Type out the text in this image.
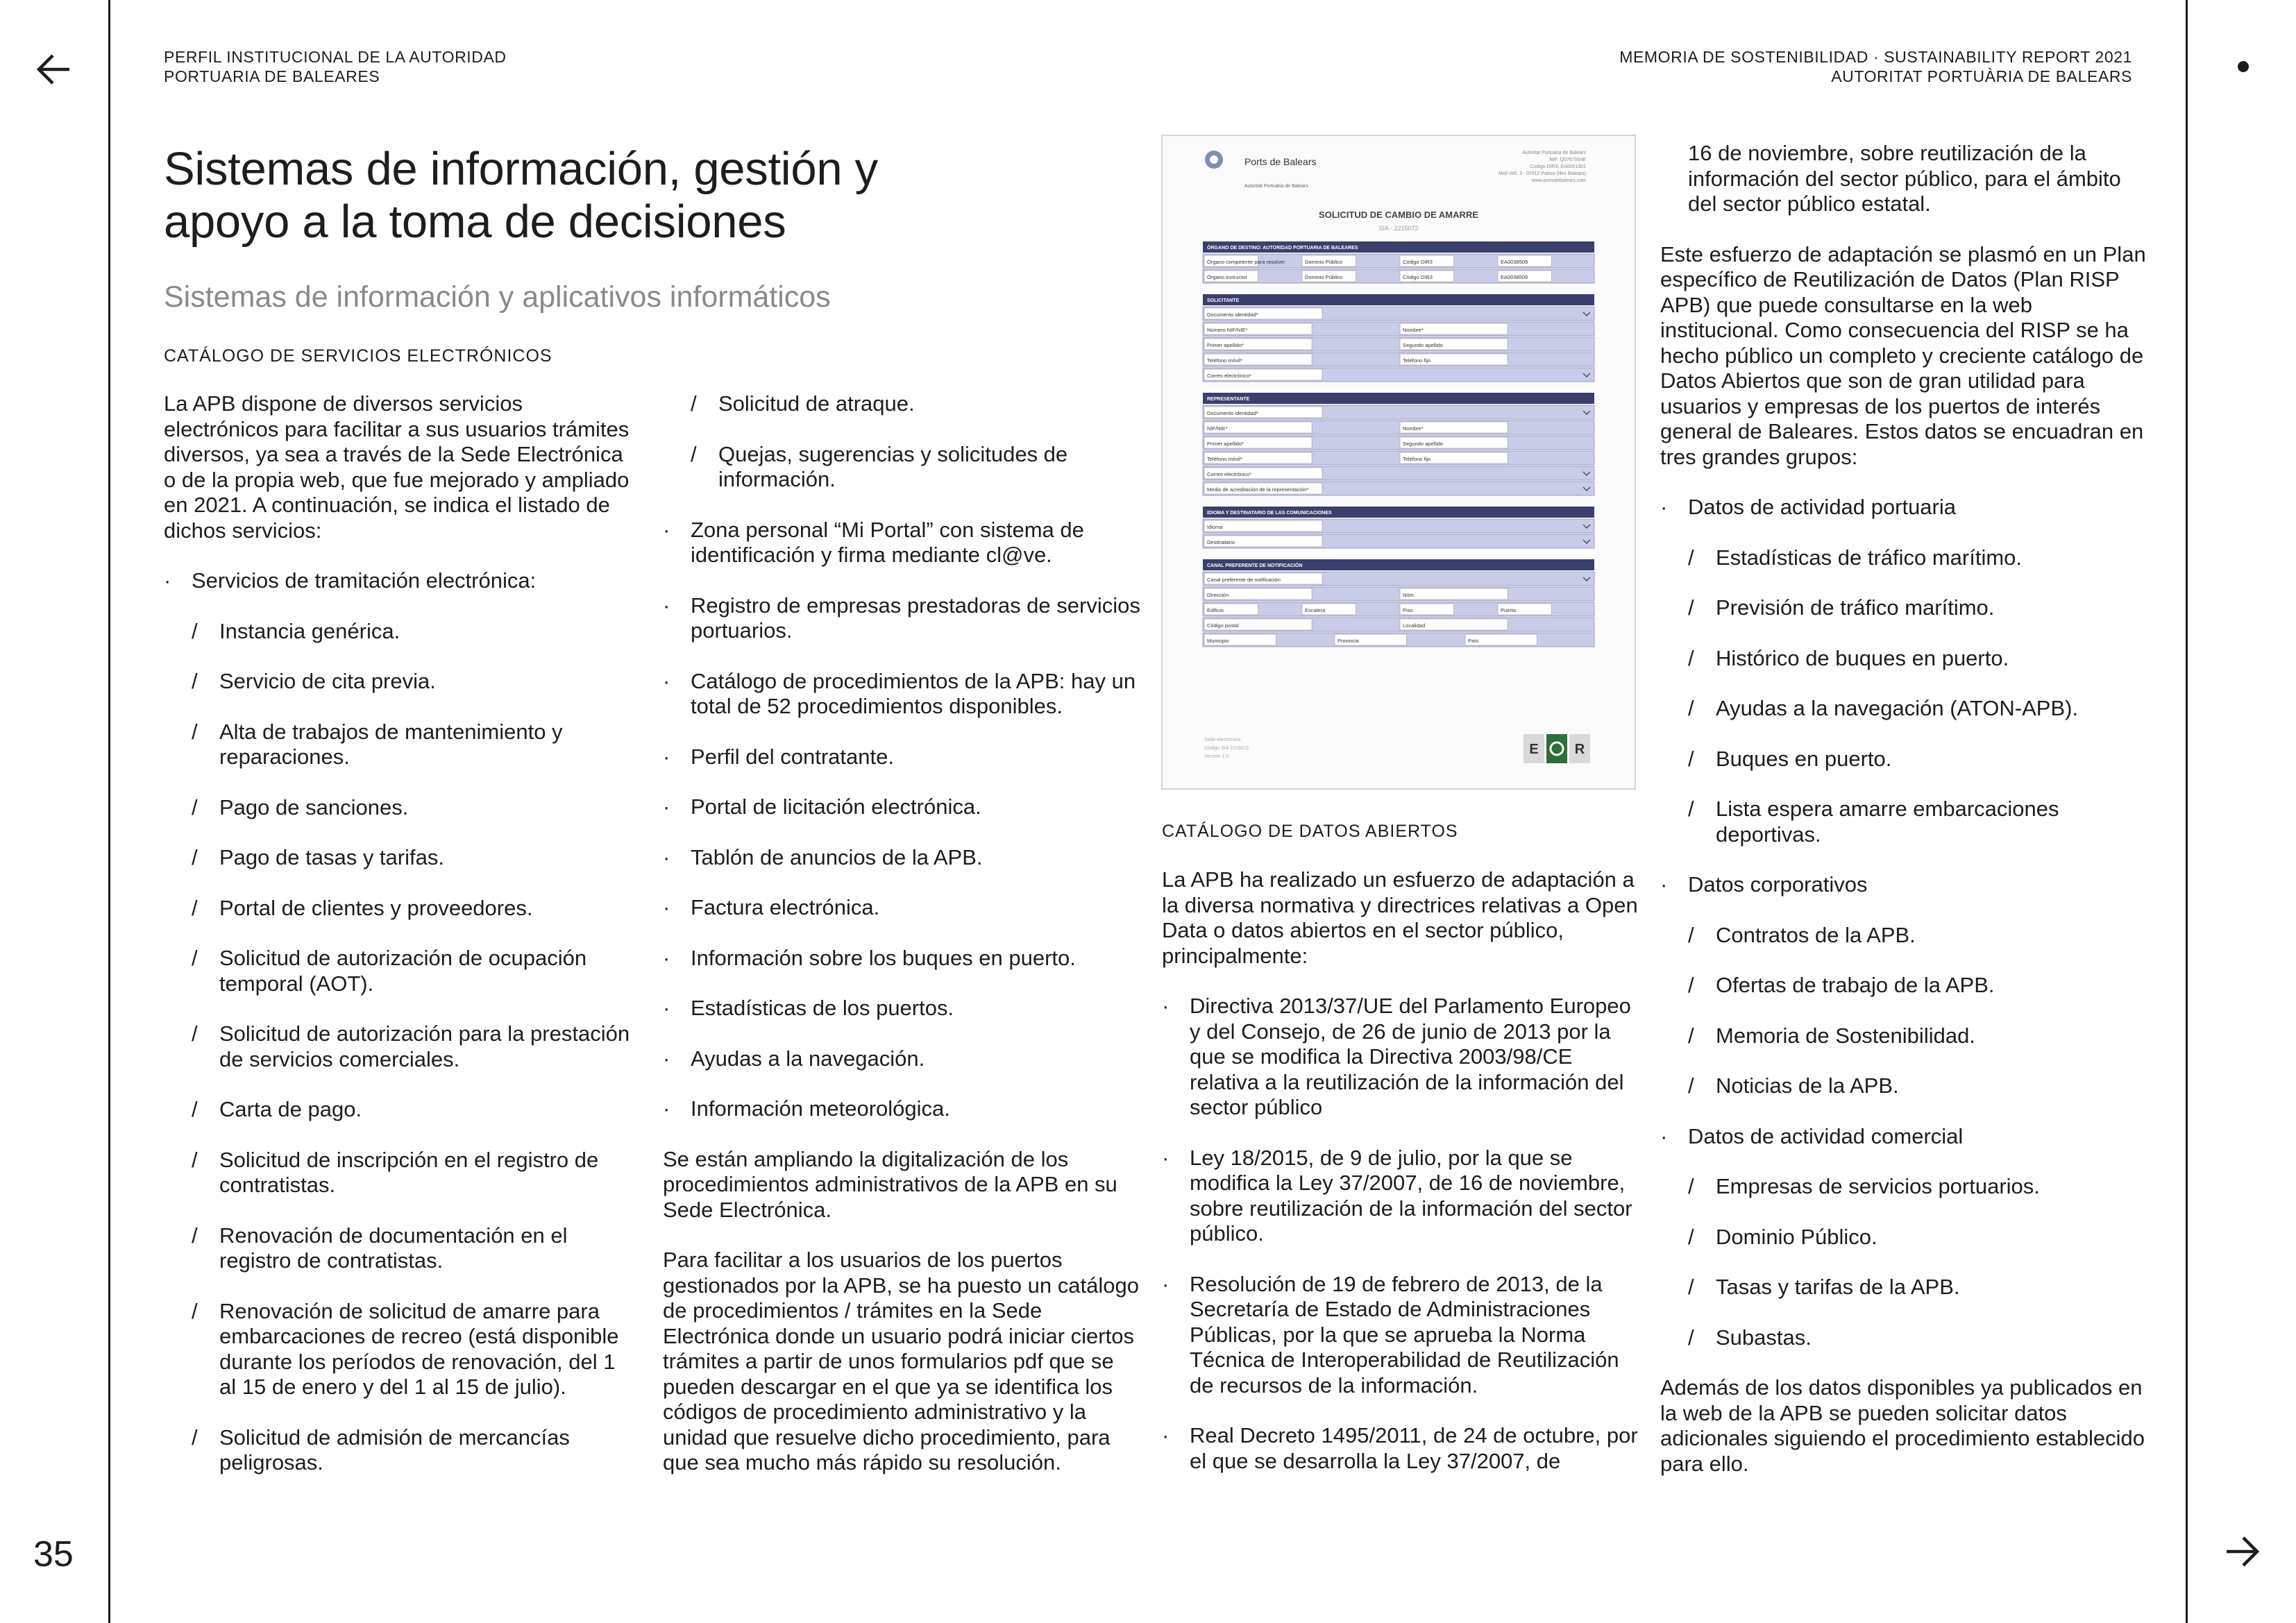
35
PERFIL INSTITUCIONAL DE LA AUTORIDAD
PORTUARIA DE BALEARES
MEMORIA DE SOSTENIBILIDAD · SUSTAINABILITY REPORT 2021
AUTORITAT PORTUÀRIA DE BALEARS
Sistemas de información, gestión y apoyo a la toma de decisiones
Sistemas de información y aplicativos informáticos
CATÁLOGO DE SERVICIOS ELECTRÓNICOS

La APB dispone de diversos servicios electrónicos para facilitar a sus usuarios trámites diversos, ya sea a través de la Sede Electrónica o de la propia web, que fue mejorado y ampliado en 2021. A continuación, se indica el listado de dichos servicios:

· Servicios de tramitación electrónica:
/ Instancia genérica.
/ Servicio de cita previa.
/ Alta de trabajos de mantenimiento y reparaciones.
/ Pago de sanciones.
/ Pago de tasas y tarifas.
/ Portal de clientes y proveedores.
/ Solicitud de autorización de ocupación temporal (AOT).
/ Solicitud de autorización para la prestación de servicios comerciales.
/ Carta de pago.
/ Solicitud de inscripción en el registro de contratistas.
/ Renovación de documentación en el registro de contratistas.
/ Renovación de solicitud de amarre para embarcaciones de recreo (está disponible durante los períodos de renovación, del 1 al 15 de enero y del 1 al 15 de julio).
/ Solicitud de admisión de mercancías peligrosas.
/ Solicitud de atraque.
/ Quejas, sugerencias y solicitudes de información.
· Zona personal “Mi Portal” con sistema de identificación y firma mediante cl@ve.
· Registro de empresas prestadoras de servicios portuarios.
· Catálogo de procedimientos de la APB: hay un total de 52 procedimientos disponibles.
· Perfil del contratante.
· Portal de licitación electrónica.
· Tablón de anuncios de la APB.
· Factura electrónica.
· Información sobre los buques en puerto.
· Estadísticas de los puertos.
· Ayudas a la navegación.
· Información meteorológica.

Se están ampliando la digitalización de los procedimientos administrativos de la APB en su Sede Electrónica.

Para facilitar a los usuarios de los puertos gestionados por la APB, se ha puesto un catálogo de procedimientos / trámites en la Sede Electrónica donde un usuario podrá iniciar ciertos trámites a partir de unos formularios pdf que se pueden descargar en el que ya se identifica los códigos de procedimiento administrativo y la unidad que resuelve dicho procedimiento, para que sea mucho más rápido su resolución.

Ports de Balears
Autoritat Portuària de Balears
Autoritat Portuària de Balears
NIF: Q0767004E
Codigo DIR3: EA0001301
Moll Vell, 3 · 07012 Palma (Illes Balears)
www.portsdebalears.com
SOLICITUD DE CAMBIO DE AMARRE
SIA - 2215072
ÓRGANO DE DESTINO: AUTORIDAD PORTUARIA DE BALEARES
Órgano competente para resolver	Dominio Público	Código DIR3	EA0038509
Órgano instructor	Dominio Público	Código DIR3	EA0038509
SOLICITANTE
Documento identidad*
Número NIF/NIE*	Nombre*
Primer apellido*	Segundo apellido
Teléfono móvil*	Teléfono fijo
Correo electrónico*
REPRESENTANTE
Documento identidad*
NIF/NIE*	Nombre*
Primer apellido*	Segundo apellido
Teléfono móvil*	Teléfono fijo
Correo electrónico*
Medio de acreditación de la representación*
IDIOMA Y DESTINATARIO DE LAS COMUNICACIONES
Idioma
Destinatario
CANAL PREFERENTE DE NOTIFICACIÓN
Canal preferente de notificación
Dirección	Núm.
Edificio	Escalera	Piso	Puerta
Código postal	Localidad
Municipio	Provincia	País
Sede electrónica
Código SIA 2215072
Versión 1.0	E	R
CATÁLOGO DE DATOS ABIERTOS

La APB ha realizado un esfuerzo de adaptación a la diversa normativa y directrices relativas a Open Data o datos abiertos en el sector público, principalmente:

· Directiva 2013/37/UE del Parlamento Europeo y del Consejo, de 26 de junio de 2013 por la que se modifica la Directiva 2003/98/CE relativa a la reutilización de la información del sector público
· Ley 18/2015, de 9 de julio, por la que se modifica la Ley 37/2007, de 16 de noviembre, sobre reutilización de la información del sector público.
· Resolución de 19 de febrero de 2013, de la Secretaría de Estado de Administraciones Públicas, por la que se aprueba la Norma Técnica de Interoperabilidad de Reutilización de recursos de la información.
· Real Decreto 1495/2011, de 24 de octubre, por el que se desarrolla la Ley 37/2007, de

16 de noviembre, sobre reutilización de la información del sector público, para el ámbito del sector público estatal.

Este esfuerzo de adaptación se plasmó en un Plan específico de Reutilización de Datos (Plan RISP APB) que puede consultarse en la web institucional. Como consecuencia del RISP se ha hecho público un completo y creciente catálogo de Datos Abiertos que son de gran utilidad para usuarios y empresas de los puertos de interés general de Baleares. Estos datos se encuadran en tres grandes grupos:

· Datos de actividad portuaria
/ Estadísticas de tráfico marítimo.
/ Previsión de tráfico marítimo.
/ Histórico de buques en puerto.
/ Ayudas a la navegación (ATON-APB).
/ Buques en puerto.
/ Lista espera amarre embarcaciones deportivas.
· Datos corporativos
/ Contratos de la APB.
/ Ofertas de trabajo de la APB.
/ Memoria de Sostenibilidad.
/ Noticias de la APB.
· Datos de actividad comercial
/ Empresas de servicios portuarios.
/ Dominio Público.
/ Tasas y tarifas de la APB.
/ Subastas.

Además de los datos disponibles ya publicados en la web de la APB se pueden solicitar datos adicionales siguiendo el procedimiento establecido para ello.
